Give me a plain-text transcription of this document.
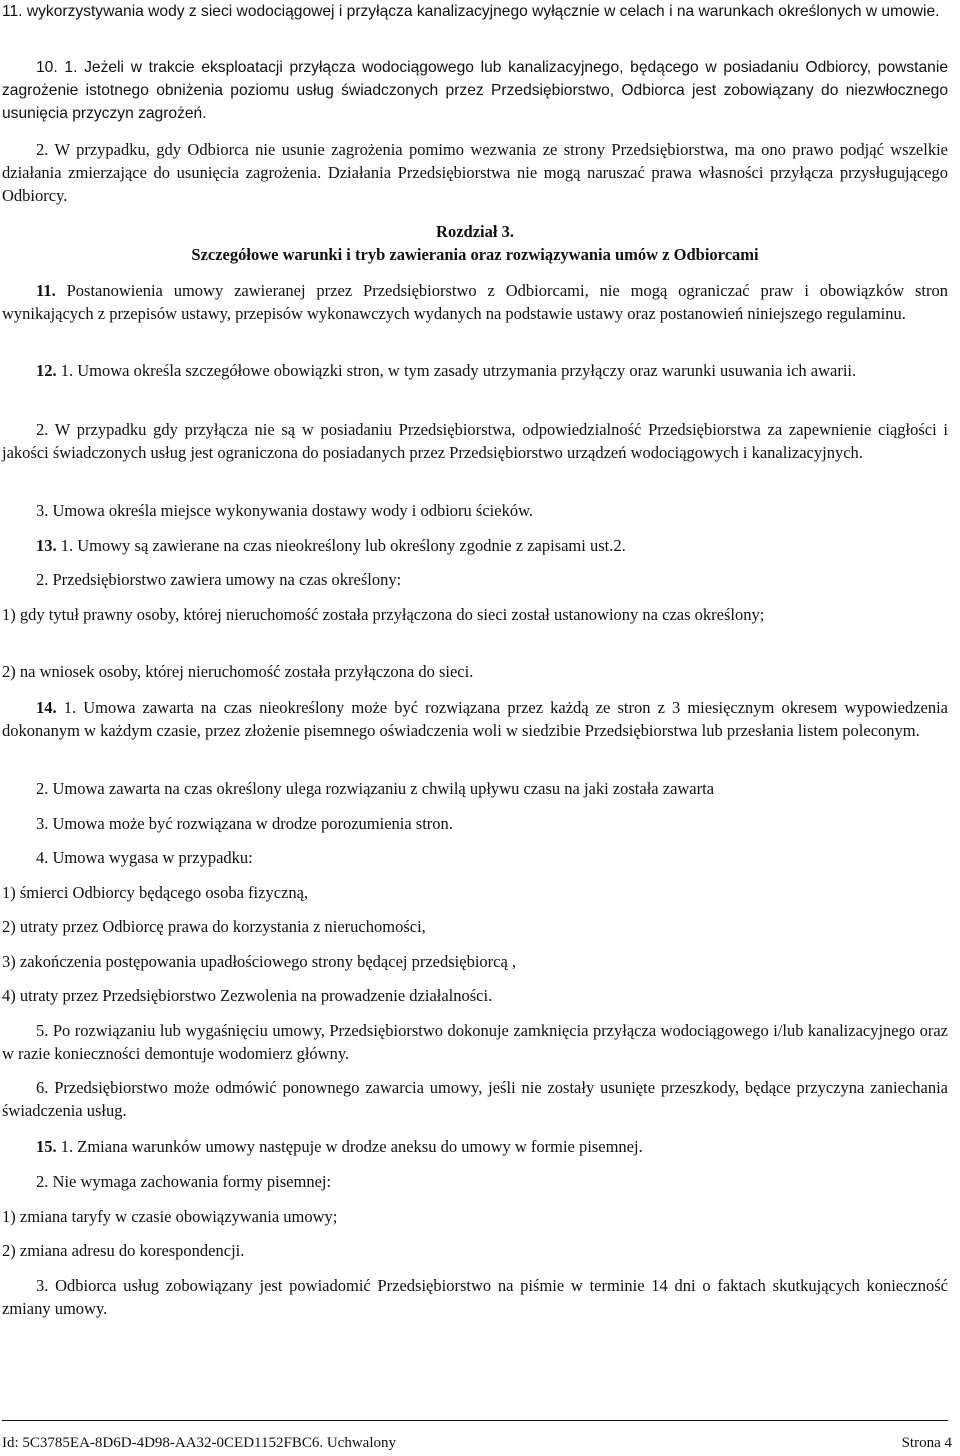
11. wykorzystywania wody z sieci wodociągowej i przyłącza kanalizacyjnego wyłącznie w celach i na warunkach określonych w umowie.

10. 1. Jeżeli w trakcie eksploatacji przyłącza wodociągowego lub kanalizacyjnego, będącego w posiadaniu Odbiorcy, powstanie zagrożenie istotnego obniżenia poziomu usług świadczonych przez Przedsiębiorstwo, Odbiorca jest zobowiązany do niezwłocznego usunięcia przyczyn zagrożeń.

2. W przypadku, gdy Odbiorca nie usunie zagrożenia pomimo wezwania ze strony Przedsiębiorstwa, ma ono prawo podjąć wszelkie działania zmierzające do usunięcia zagrożenia. Działania Przedsiębiorstwa nie mogą naruszać prawa własności przyłącza przysługującego Odbiorcy.

Rozdział 3.

Szczegółowe warunki i tryb zawierania oraz rozwiązywania umów z Odbiorcami

11. Postanowienia umowy zawieranej przez Przedsiębiorstwo z Odbiorcami, nie mogą ograniczać praw i obowiązków stron wynikających z przepisów ustawy, przepisów wykonawczych wydanych na podstawie ustawy oraz postanowień niniejszego regulaminu.

12. 1. Umowa określa szczegółowe obowiązki stron, w tym zasady utrzymania przyłączy oraz warunki usuwania ich awarii.

2. W przypadku gdy przyłącza nie są w posiadaniu Przedsiębiorstwa, odpowiedzialność Przedsiębiorstwa za zapewnienie ciągłości i jakości świadczonych usług jest ograniczona do posiadanych przez Przedsiębiorstwo urządzeń wodociągowych i kanalizacyjnych.

3. Umowa określa miejsce wykonywania dostawy wody i odbioru ścieków.

13. 1. Umowy są zawierane na czas nieokreślony lub określony zgodnie z zapisami ust.2.

2. Przedsiębiorstwo zawiera umowy na czas określony:

1) gdy tytuł prawny osoby, której nieruchomość została przyłączona do sieci został ustanowiony na czas określony;

2) na wniosek osoby, której nieruchomość została przyłączona do sieci.

14. 1. Umowa zawarta na czas nieokreślony może być rozwiązana przez każdą ze stron z 3 miesięcznym okresem wypowiedzenia dokonanym w każdym czasie, przez złożenie pisemnego oświadczenia woli w siedzibie Przedsiębiorstwa lub przesłania listem poleconym.

2. Umowa zawarta na czas określony ulega rozwiązaniu z chwilą upływu czasu na jaki została zawarta

3. Umowa może być rozwiązana w drodze porozumienia stron.

4. Umowa wygasa w przypadku:

1) śmierci Odbiorcy będącego osoba fizyczną,

2) utraty przez Odbiorcę prawa do korzystania z nieruchomości,

3) zakończenia postępowania upadłościowego strony będącej przedsiębiorcą ,

4) utraty przez Przedsiębiorstwo Zezwolenia na prowadzenie działalności.

5. Po rozwiązaniu lub wygaśnięciu umowy, Przedsiębiorstwo dokonuje zamknięcia przyłącza wodociągowego i/lub kanalizacyjnego oraz w razie konieczności demontuje wodomierz główny.

6. Przedsiębiorstwo może odmówić ponownego zawarcia umowy, jeśli nie zostały usunięte przeszkody, będące przyczyna zaniechania świadczenia usług.

15. 1. Zmiana warunków umowy następuje w drodze aneksu do umowy w formie pisemnej.

2. Nie wymaga zachowania formy pisemnej:

1) zmiana taryfy w czasie obowiązywania umowy;

2) zmiana adresu do korespondencji.

3. Odbiorca usług zobowiązany jest powiadomić Przedsiębiorstwo na piśmie w terminie 14 dni o faktach skutkujących konieczność zmiany umowy.

Id: 5C3785EA-8D6D-4D98-AA32-0CED1152FBC6. Uchwalony	Strona 4
